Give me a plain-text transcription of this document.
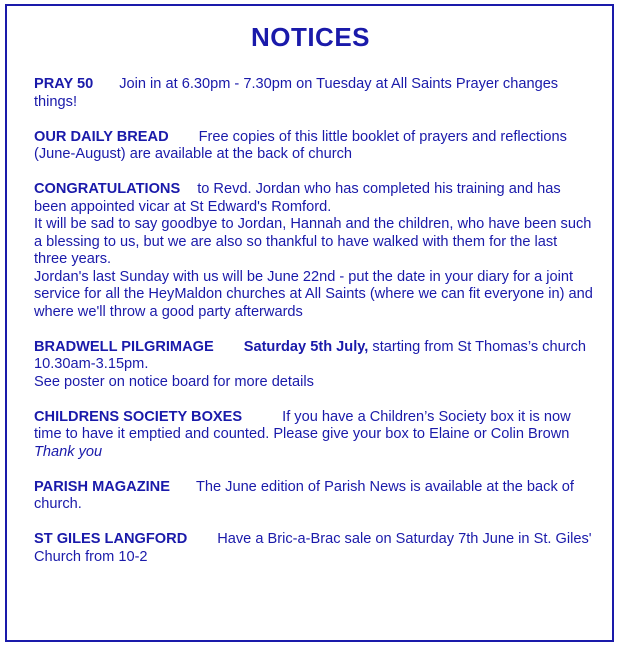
NOTICES

PRAY 50 Join in at 6.30pm - 7.30pm on Tuesday at All Saints Prayer changes things!

OUR DAILY BREAD Free copies of this little booklet of prayers and reflections (June-August) are available at the back of church

CONGRATULATIONS to Revd. Jordan who has completed his training and has been appointed vicar at St Edward's Romford.

It will be sad to say goodbye to Jordan, Hannah and the children, who have been such a blessing to us, but we are also so thankful to have walked with them for the last three years.

Jordan's last Sunday with us will be June 22nd - put the date in your diary for a joint service for all the HeyMaldon churches at All Saints (where we can fit everyone in) and where we'll throw a good party afterwards

BRADWELL PILGRIMAGE Saturday 5th July, starting from St Thomas’s church 10.30am-3.15pm.

See poster on notice board for more details

CHILDRENS SOCIETY BOXES	If you have a Children’s Society box it is now time to have it emptied and counted. Please give your box to Elaine or Colin Brown Thank you

PARISH MAGAZINE The June edition of Parish News is available at the back of church.

ST GILES LANGFORD Have a Bric-a-Brac sale on Saturday 7th June in St. Giles' Church from 10-2
